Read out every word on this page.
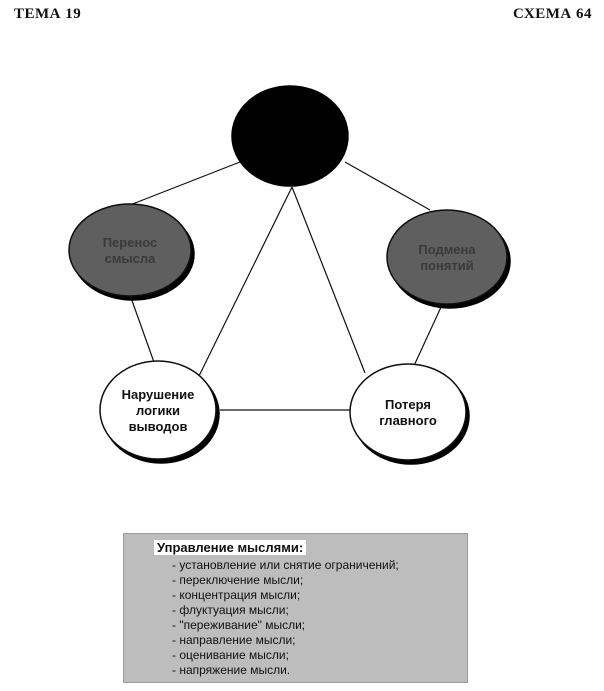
ТЕМА 19	СХЕМА 64
Перенос смысла
Подмена понятий
Нарушение логики выводов
Потеря главного
Управление мыслями:
- установление или снятие ограничений;
- переключение мысли;
- концентрация мысли;
- флуктуация мысли;
- "переживание" мысли;
- направление мысли;
- оценивание мысли;
- напряжение мысли.
